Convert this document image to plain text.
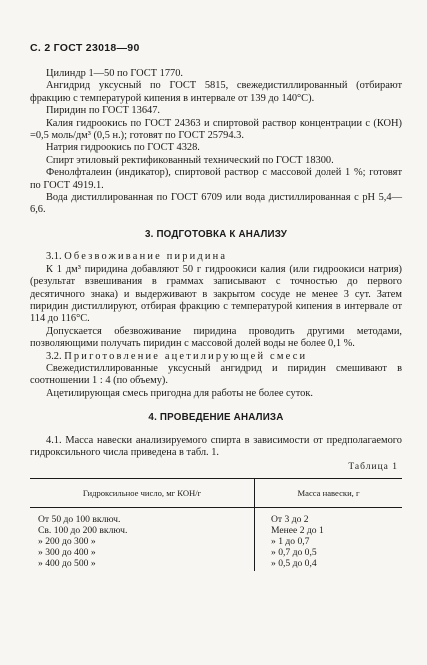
С. 2 ГОСТ 23018—90

Цилиндр 1—50 по ГОСТ 1770.

Ангидрид уксусный по ГОСТ 5815, свежедистиллированный (отбирают фракцию с температурой кипения в интервале от 139 до 140°С).

Пиридин по ГОСТ 13647.

Калия гидроокись по ГОСТ 24363 и спиртовой раствор концентрации с (КОН) =0,5 моль/дм³ (0,5 н.); готовят по ГОСТ 25794.3.

Натрия гидроокись по ГОСТ 4328.

Спирт этиловый ректификованный технический по ГОСТ 18300.

Фенолфталеин (индикатор), спиртовой раствор с массовой долей 1 %; готовят по ГОСТ 4919.1.

Вода дистиллированная по ГОСТ 6709 или вода дистиллированная с рН 5,4—6,6.

3. ПОДГОТОВКА К АНАЛИЗУ

3.1. Обезвоживание пиридина

К 1 дм³ пиридина добавляют 50 г гидроокиси калия (или гидроокиси натрия) (результат взвешивания в граммах записывают с точностью до первого десятичного знака) и выдерживают в закрытом сосуде не менее 3 сут. Затем пиридин дистиллируют, отбирая фракцию с температурой кипения в интервале от 114 до 116°С.

Допускается обезвоживание пиридина проводить другими методами, позволяющими получать пиридин с массовой долей воды не более 0,1 %.

3.2. Приготовление ацетилирующей смеси

Свежедистиллированные уксусный ангидрид и пиридин смешивают в соотношении 1 : 4 (по объему).

Ацетилирующая смесь пригодна для работы не более суток.

4. ПРОВЕДЕНИЕ АНАЛИЗА

4.1. Масса навески анализируемого спирта в зависимости от предполагаемого гидроксильного числа приведена в табл. 1.

Таблица 1
Гидроксильное число, мг КОН/г	Масса навески, г
От 50 до 100 включ.	От 3 до 2
Св. 100 до 200 включ.	Менее 2 до 1
» 200 до 300 »	» 1 до 0,7
» 300 до 400 »	» 0,7 до 0,5
» 400 до 500 »	» 0,5 до 0,4
